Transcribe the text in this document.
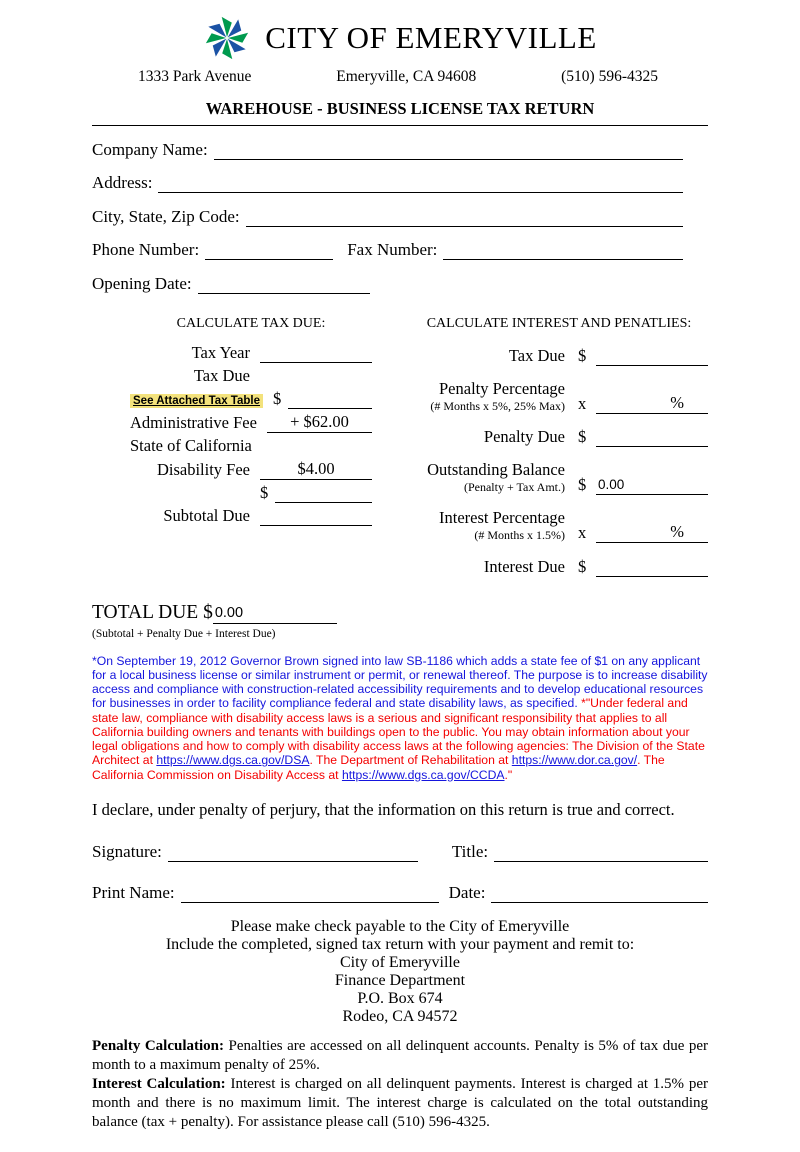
CITY OF EMERYVILLE
1333 Park Avenue	Emeryville, CA 94608	(510) 596-4325
WAREHOUSE - BUSINESS LICENSE TAX RETURN
Company Name:
Address:
City, State, Zip Code:
Phone Number:	Fax Number:
Opening Date:
CALCULATE TAX DUE:
Tax Year
Tax Due
See Attached Tax Table $
Administrative Fee	+ $62.00
State of California
Disability Fee	$4.00
$
Subtotal Due
CALCULATE INTEREST AND PENATLIES:
Tax Due $
Penalty Percentage
(# Months x 5%, 25% Max) x	%
Penalty Due $
Outstanding Balance
(Penalty + Tax Amt.) $ 0.00
Interest Percentage
(# Months x 1.5%) x	%
Interest Due $
TOTAL DUE $ 0.00
(Subtotal + Penalty Due + Interest Due)

*On September 19, 2012 Governor Brown signed into law SB-1186 which adds a state fee of $1 on any applicant for a local business license or similar instrument or permit, or renewal thereof. The purpose is to increase disability access and compliance with construction-related accessibility requirements and to develop educational resources for businesses in order to facility compliance federal and state disability laws, as specified. *"Under federal and state law, compliance with disability access laws is a serious and significant responsibility that applies to all California building owners and tenants with buildings open to the public. You may obtain information about your legal obligations and how to comply with disability access laws at the following agencies: The Division of the State Architect at https://www.dgs.ca.gov/DSA. The Department of Rehabilitation at https://www.dor.ca.gov/. The California Commission on Disability Access at https://www.dgs.ca.gov/CCDA."

I declare, under penalty of perjury, that the information on this return is true and correct.
Signature:	Title:
Print Name:	Date:
Please make check payable to the City of Emeryville
Include the completed, signed tax return with your payment and remit to:
City of Emeryville
Finance Department
P.O. Box 674
Rodeo, CA 94572

Penalty Calculation: Penalties are accessed on all delinquent accounts. Penalty is 5% of tax due per month to a maximum penalty of 25%.

Interest Calculation: Interest is charged on all delinquent payments. Interest is charged at 1.5% per month and there is no maximum limit. The interest charge is calculated on the total outstanding balance (tax + penalty). For assistance please call (510) 596-4325.
